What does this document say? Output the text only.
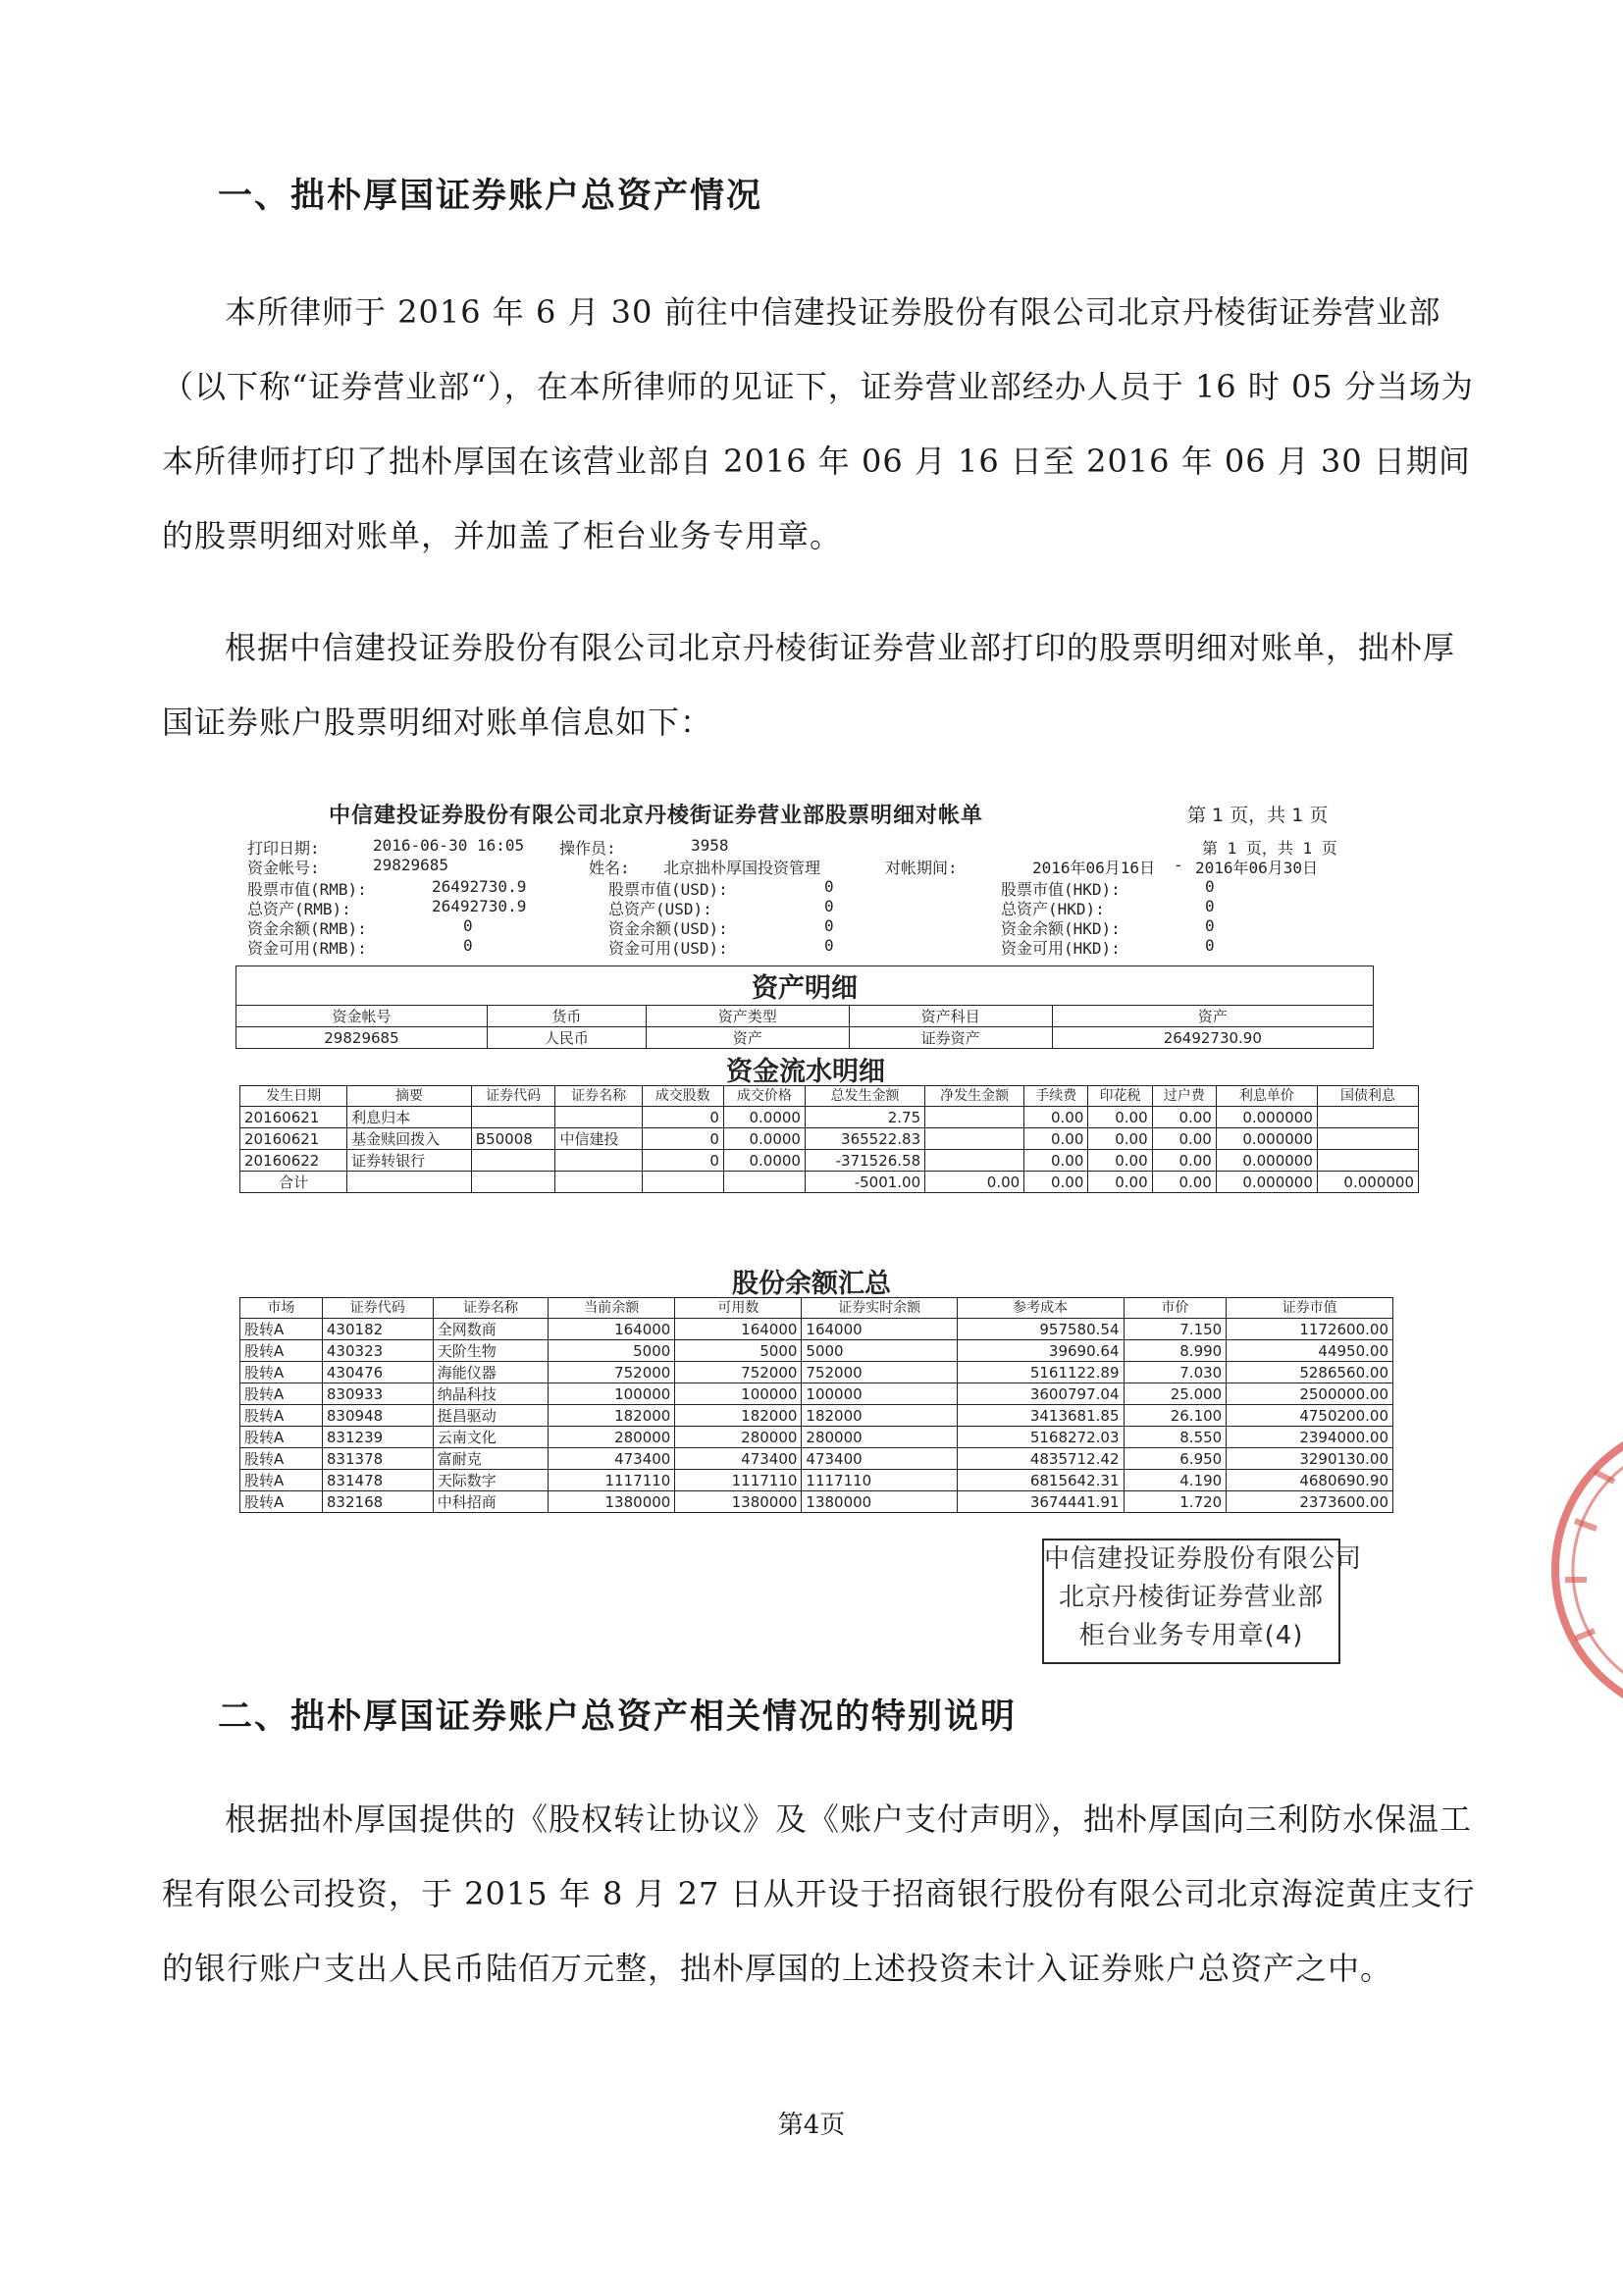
一、拙朴厚国证券账户总资产情况

本所律师于 2016 年 6 月 30 前往中信建投证券股份有限公司北京丹棱街证券营业部（以下称“证券营业部“），在本所律师的见证下，证券营业部经办人员于 16 时 05 分当场为本所律师打印了拙朴厚国在该营业部自 2016 年 06 月 16 日至 2016 年 06 月 30 日期间的股票明细对账单，并加盖了柜台业务专用章。

根据中信建投证券股份有限公司北京丹棱街证券营业部打印的股票明细对账单，拙朴厚国证券账户股票明细对账单信息如下：

中信建投证券股份有限公司北京丹棱街证券营业部股票明细对帐单	第 1 页，共 1 页
打印日期:	2016-06-30 16:05 操作员:	3958	第 1 页，共 1 页
资金帐号:	29829685	姓名: 北京拙朴厚国投资管理	对帐期间:	2016年06月16日 - 2016年06月30日
股票市值(RMB):	26492730.9	股票市值(USD):	0	股票市值(HKD):	0
总资产(RMB):	26492730.9	总资产(USD):	0	总资产(HKD):	0
资金余额(RMB):	0	资金余额(USD):	0	资金余额(HKD):	0
资金可用(RMB):	0	资金可用(USD):	0	资金可用(HKD):	0
资产明细				
资金帐号	货币	资产类型	资产科目	资产
29829685	人民币	资产	证券资产	26492730.90
资金流水明细
发生日期	摘要	证券代码	证券名称	成交股数	成交价格	总发生金额	净发生金额	手续费	印花税	过户费	利息单价	国债利息
20160621	利息归本			0	0.0000	2.75		0.00	0.00	0.00	0.000000	
20160621	基金赎回拨入	B50008	中信建投	0	0.0000	365522.83		0.00	0.00	0.00	0.000000	
20160622	证券转银行			0	0.0000	-371526.58		0.00	0.00	0.00	0.000000	
合计						-5001.00	0.00	0.00	0.00	0.00	0.000000	0.000000
股份余额汇总
市场	证券代码	证券名称	当前余额	可用数	证券实时余额	参考成本	市价	证券市值
股转A	430182	全网数商	164000	164000	164000	957580.54	7.150	1172600.00
股转A	430323	天阶生物	5000	5000	5000	39690.64	8.990	44950.00
股转A	430476	海能仪器	752000	752000	752000	5161122.89	7.030	5286560.00
股转A	830933	纳晶科技	100000	100000	100000	3600797.04	25.000	2500000.00
股转A	830948	挺昌驱动	182000	182000	182000	3413681.85	26.100	4750200.00
股转A	831239	云南文化	280000	280000	280000	5168272.03	8.550	2394000.00
股转A	831378	富耐克	473400	473400	473400	4835712.42	6.950	3290130.00
股转A	831478	天际数字	1117110	1117110	1117110	6815642.31	4.190	4680690.90
股转A	832168	中科招商	1380000	1380000	1380000	3674441.91	1.720	2373600.00
中信建投证券股份有限公司
北京丹棱街证券营业部
柜台业务专用章(4)
二、拙朴厚国证券账户总资产相关情况的特别说明

根据拙朴厚国提供的《股权转让协议》及《账户支付声明》，拙朴厚国向三利防水保温工程有限公司投资，于 2015 年 8 月 27 日从开设于招商银行股份有限公司北京海淀黄庄支行的银行账户支出人民币陆佰万元整，拙朴厚国的上述投资未计入证券账户总资产之中。

第4页
